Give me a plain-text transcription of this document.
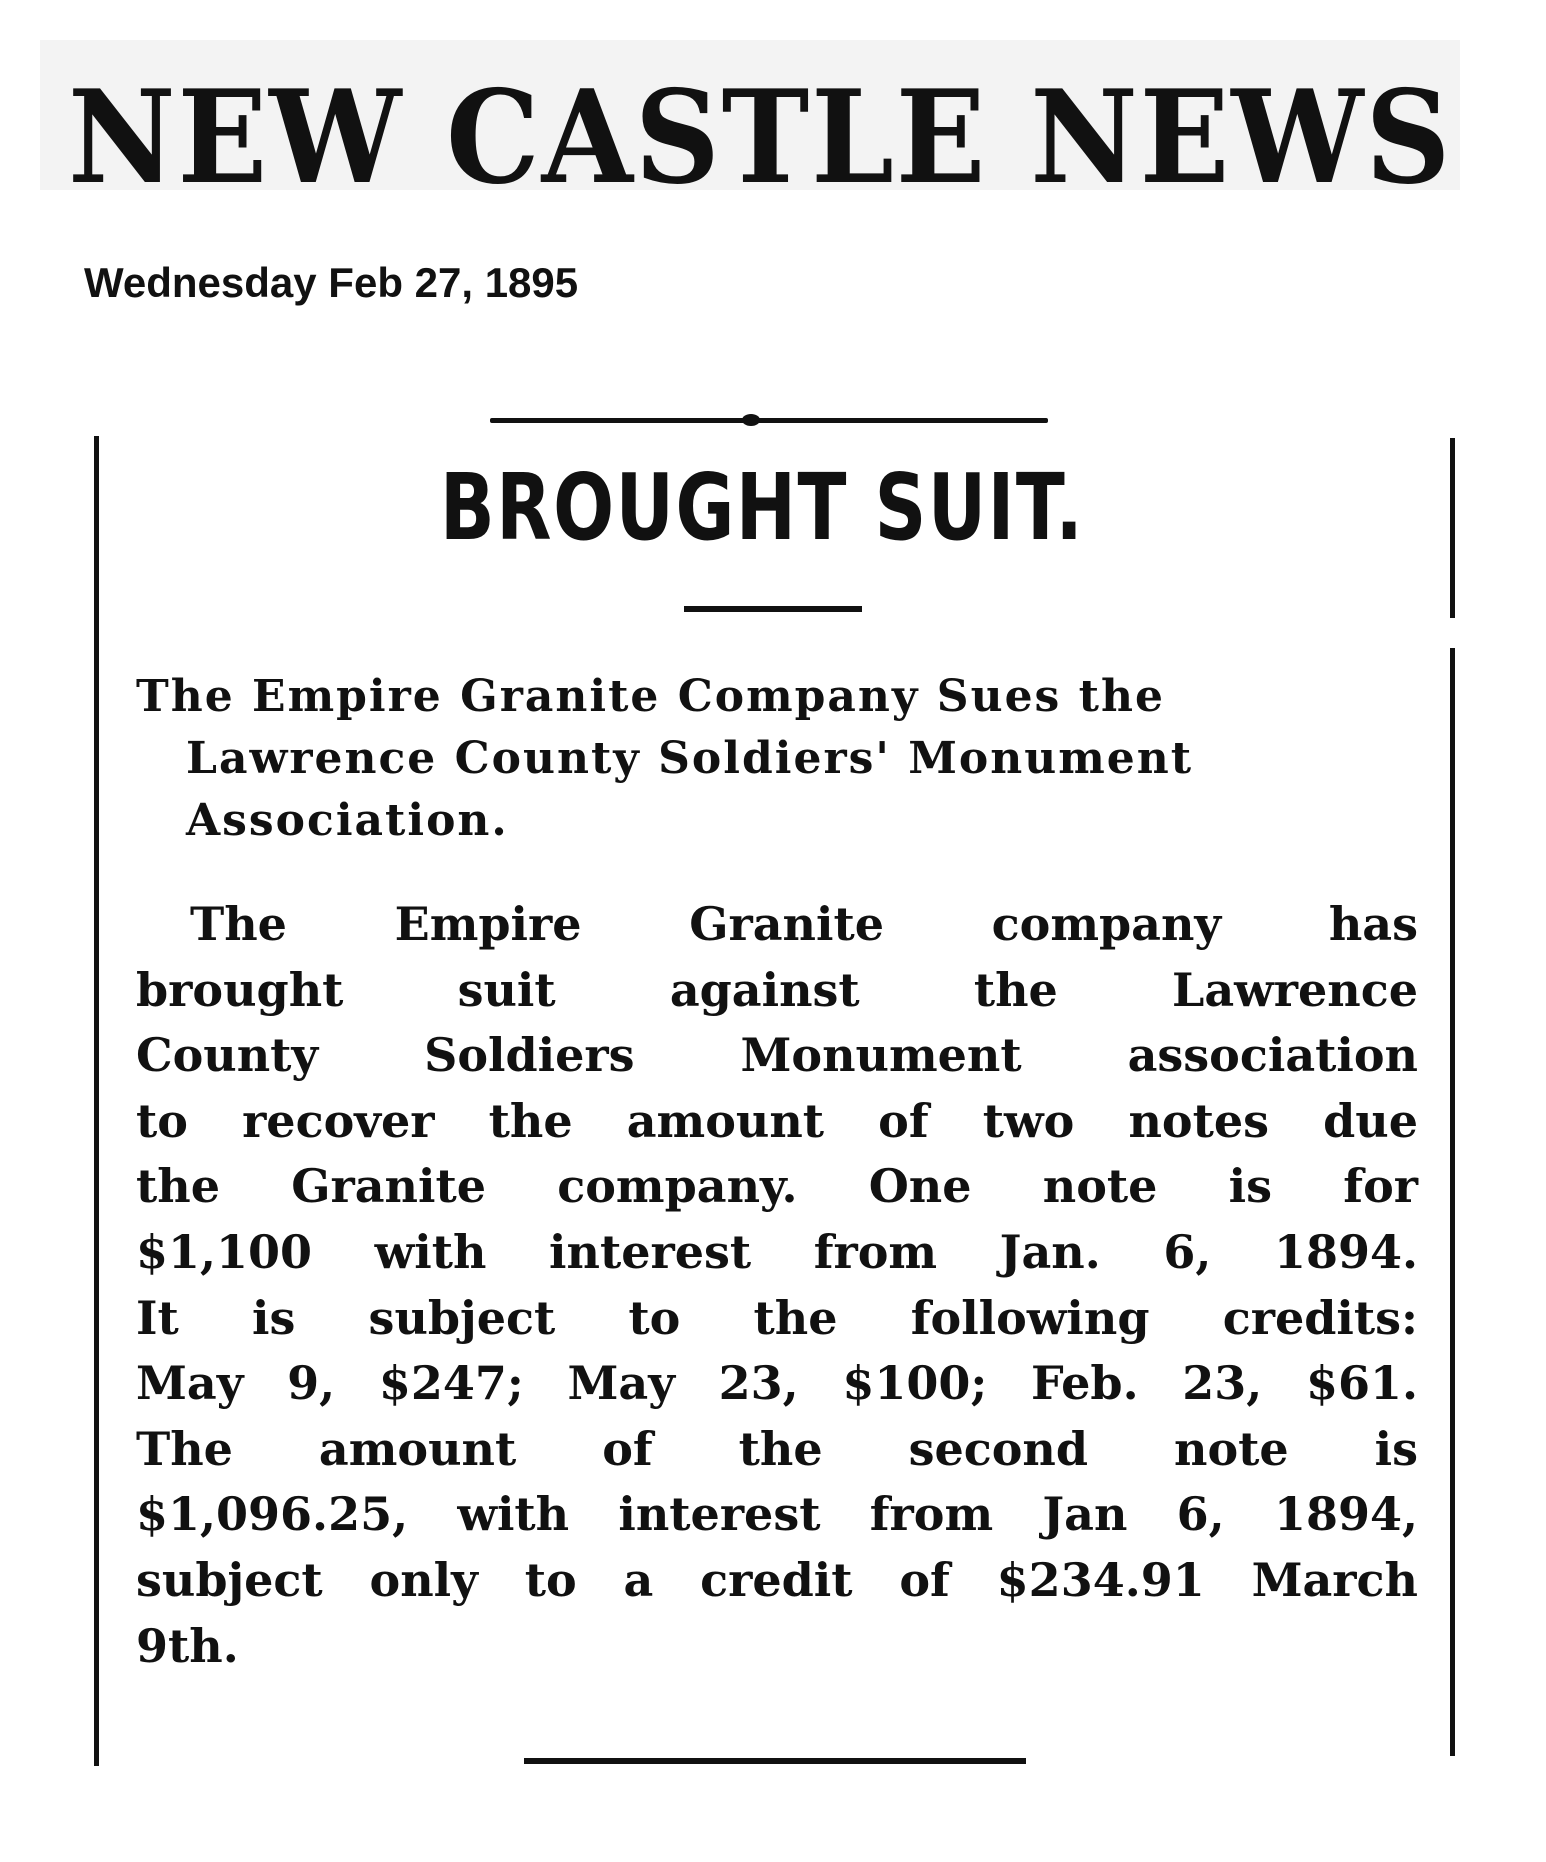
NEW CASTLE NEWS
Wednesday Feb 27, 1895
BROUGHT SUIT.
The Empire Granite Company Sues the
Lawrence County Soldiers' Monument
Association.
The Empire Granite company has
brought suit against the Lawrence
County Soldiers Monument association
to recover the amount of two notes due
the Granite company. One note is for
$1,100 with interest from Jan. 6, 1894.
It is subject to the following credits:
May 9, $247; May 23, $100; Feb. 23, $61.
The amount of the second note is
$1,096.25, with interest from Jan 6, 1894,
subject only to a credit of $234.91 March
9th.
